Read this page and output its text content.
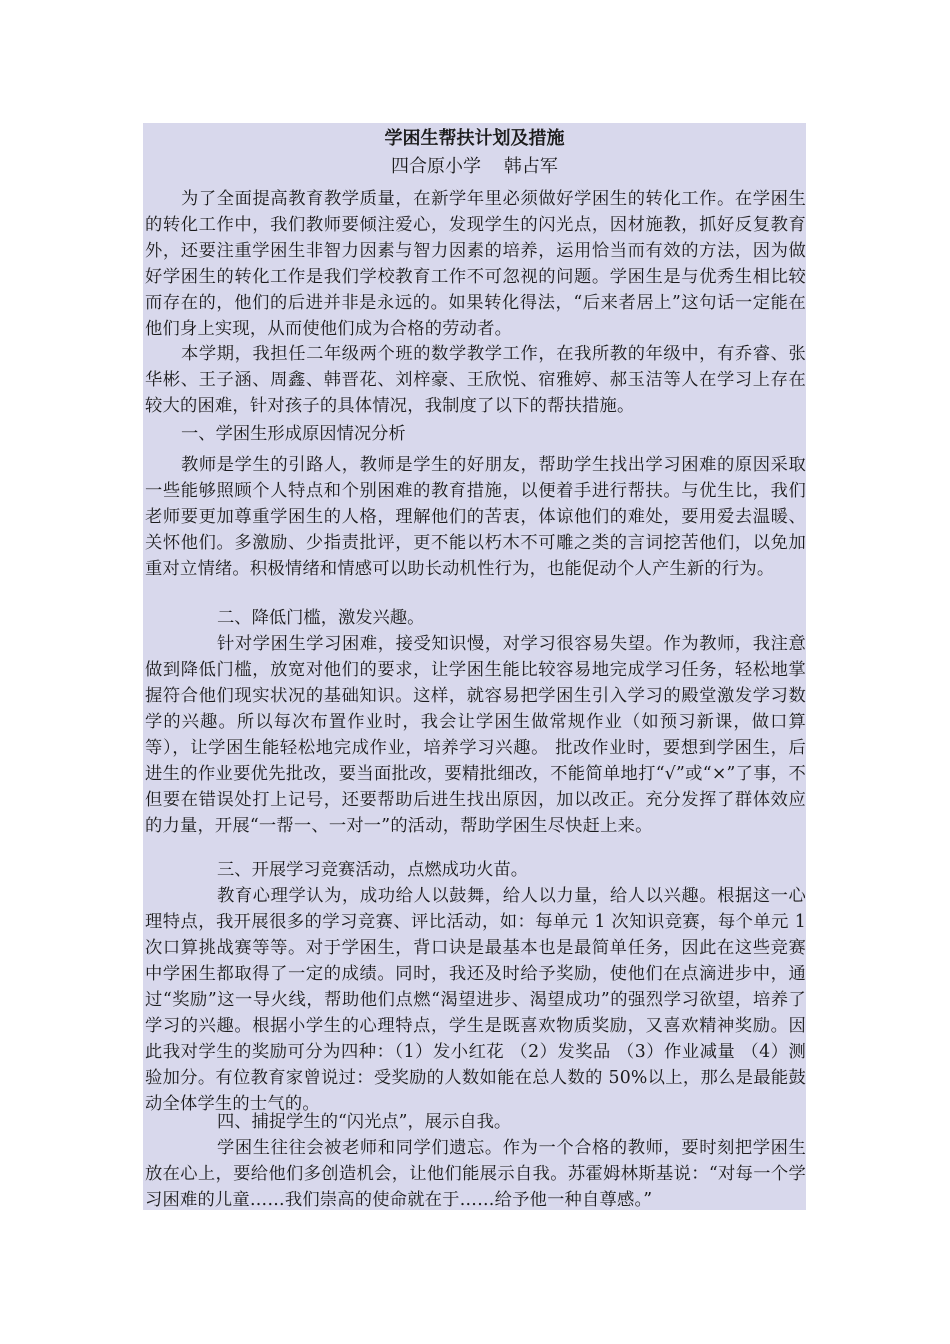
学困生帮扶计划及措施
四合原小学    韩占军

为了全面提高教育教学质量，在新学年里必须做好学困生的转化工作。在学困生的转化工作中，我们教师要倾注爱心，发现学生的闪光点，因材施教，抓好反复教育外，还要注重学困生非智力因素与智力因素的培养，运用恰当而有效的方法，因为做好学困生的转化工作是我们学校教育工作不可忽视的问题。学困生是与优秀生相比较而存在的，他们的后进并非是永远的。如果转化得法，“后来者居上”这句话一定能在他们身上实现，从而使他们成为合格的劳动者。

本学期，我担任二年级两个班的数学教学工作，在我所教的年级中，有乔睿、张华彬、王子涵、周鑫、韩晋花、刘梓豪、王欣悦、宿雅婷、郝玉洁等人在学习上存在较大的困难，针对孩子的具体情况，我制度了以下的帮扶措施。

一、学困生形成原因情况分析

教师是学生的引路人，教师是学生的好朋友，帮助学生找出学习困难的原因采取一些能够照顾个人特点和个别困难的教育措施，以便着手进行帮扶。与优生比，我们老师要更加尊重学困生的人格，理解他们的苦衷，体谅他们的难处，要用爱去温暖、关怀他们。多激励、少指责批评，更不能以朽木不可雕之类的言词挖苦他们，以免加重对立情绪。积极情绪和情感可以助长动机性行为，也能促动个人产生新的行为。

二、降低门槛，激发兴趣。

针对学困生学习困难，接受知识慢，对学习很容易失望。作为教师，我注意做到降低门槛，放宽对他们的要求，让学困生能比较容易地完成学习任务，轻松地掌握符合他们现实状况的基础知识。这样，就容易把学困生引入学习的殿堂激发学习数学的兴趣。所以每次布置作业时，我会让学困生做常规作业（如预习新课，做口算等），让学困生能轻松地完成作业，培养学习兴趣。 批改作业时，要想到学困生，后进生的作业要优先批改，要当面批改，要精批细改，不能简单地打“√”或“×”了事，不但要在错误处打上记号，还要帮助后进生找出原因，加以改正。充分发挥了群体效应的力量，开展“一帮一、一对一”的活动，帮助学困生尽快赶上来。

三、开展学习竞赛活动，点燃成功火苗。

教育心理学认为，成功给人以鼓舞，给人以力量，给人以兴趣。根据这一心理特点，我开展很多的学习竞赛、评比活动，如：每单元 1 次知识竞赛，每个单元 1 次口算挑战赛等等。对于学困生，背口诀是最基本也是最简单任务，因此在这些竞赛中学困生都取得了一定的成绩。同时，我还及时给予奖励，使他们在点滴进步中，通过“奖励”这一导火线，帮助他们点燃“渴望进步、渴望成功”的强烈学习欲望，培养了学习的兴趣。根据小学生的心理特点，学生是既喜欢物质奖励，又喜欢精神奖励。因此我对学生的奖励可分为四种：（1）发小红花 （2）发奖品 （3）作业减量 （4）测验加分。有位教育家曾说过：受奖励的人数如能在总人数的 50%以上，那么是最能鼓动全体学生的士气的。

四、捕捉学生的“闪光点”，展示自我。

学困生往往会被老师和同学们遗忘。作为一个合格的教师，要时刻把学困生放在心上，要给他们多创造机会，让他们能展示自我。苏霍姆林斯基说：“对每一个学习困难的儿童……我们崇高的使命就在于……给予他一种自尊感。”
